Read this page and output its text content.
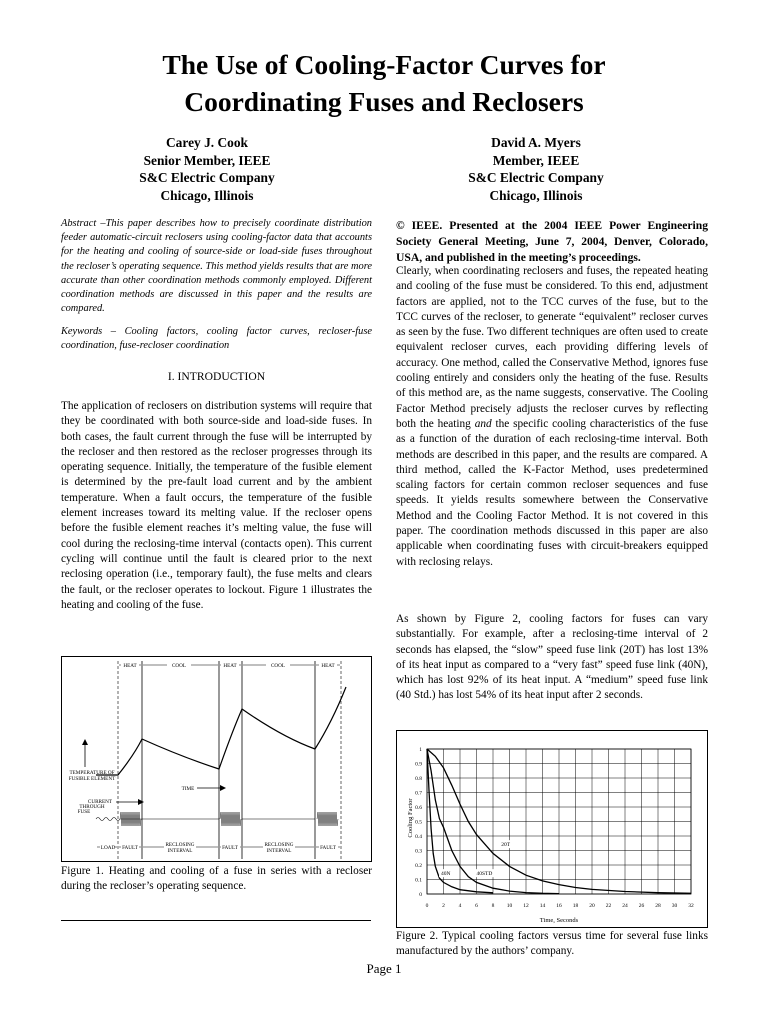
The Use of Cooling-Factor Curves for
Coordinating Fuses and Reclosers
Carey J. Cook
Senior Member, IEEE
S&C Electric Company
Chicago, Illinois
David A. Myers
Member, IEEE
S&C Electric Company
Chicago, Illinois
Abstract –This paper describes how to precisely coordinate distribution feeder automatic-circuit reclosers using cooling-factor data that accounts for the heating and cooling of source-side or load-side fuses throughout the recloser’s operating sequence. This method yields results that are more accurate than other coordination methods commonly employed. Different coordination methods are discussed in this paper and the results are compared.
Keywords – Cooling factors, cooling factor curves, recloser-fuse coordination, fuse-recloser coordination
I. INTRODUCTION
The application of reclosers on distribution systems will require that they be coordinated with both source-side and load-side fuses. In both cases, the fault current through the fuse will be interrupted by the recloser and then restored as the recloser progresses through its operating sequence. Initially, the temperature of the fusible element is determined by the pre-fault load current and by the ambient temperature. When a fault occurs, the temperature of the fusible element increases toward its melting value. If the recloser opens before the fusible element reaches it’s melting value, the fuse will cool during the reclosing-time interval (contacts open). This current cycling will continue until the fault is cleared prior to the next reclosing operation (i.e., temporary fault), the fuse melts and clears the fault, or the recloser operates to lockout. Figure 1 illustrates the heating and cooling of the fuse.
© IEEE. Presented at the 2004 IEEE Power Engineering Society General Meeting, June 7, 2004, Denver, Colorado, USA, and published in the meeting’s proceedings.
Clearly, when coordinating reclosers and fuses, the repeated heating and cooling of the fuse must be considered. To this end, adjustment factors are applied, not to the TCC curves of the fuse, but to the TCC curves of the recloser, to generate “equivalent” recloser curves as seen by the fuse. Two different techniques are often used to create equivalent recloser curves, each providing differing levels of accuracy. One method, called the Conservative Method, ignores fuse cooling entirely and considers only the heating of the fuse. Results of this method are, as the name suggests, conservative. The Cooling Factor Method precisely adjusts the recloser curves by reflecting both the heating and the specific cooling characteristics of the fuse as a function of the duration of each reclosing-time interval. Both methods are described in this paper, and the results are compared. A third method, called the K-Factor Method, uses predetermined scaling factors for certain common recloser sequences and fuse speeds. It yields results somewhere between the Conservative Method and the Cooling Factor Method. It is not covered in this paper. The coordination methods discussed in this paper are also applicable when coordinating fuses with circuit-breakers equipped with reclosing relays.
As shown by Figure 2, cooling factors for fuses can vary substantially. For example, after a reclosing-time interval of 2 seconds has elapsed, the “slow” speed fuse link (20T) has lost 13% of its heat input as compared to a “very fast” speed fuse link (40N), which has lost 92% of its heat input. A “medium” speed fuse link (40 Std.) has lost 54% of its heat input after 2 seconds.
HEAT	COOL	HEAT	COOL	HEAT
TEMPERATURE OF
FUSIBLE ELEMENT
TIME
CURRENT
THROUGH
FUSE
LOAD FAULT	RECLOSING
INTERVAL	FAULT	RECLOSING
INTERVAL	FAULT
Figure 1. Heating and cooling of a fuse in series with a recloser during the recloser’s operating sequence.
0
0.1
0.2
0.3
0.4
0.5
0.6
0.7
0.8
0.9
1
0	2	4	6	8 10 12 14 16 18 20 22 24 26 28 30 32
20T
40STD
40N
Cooling Factor
Time, Seconds
Figure 2. Typical cooling factors versus time for several fuse links manufactured by the authors’ company.
Page 1
